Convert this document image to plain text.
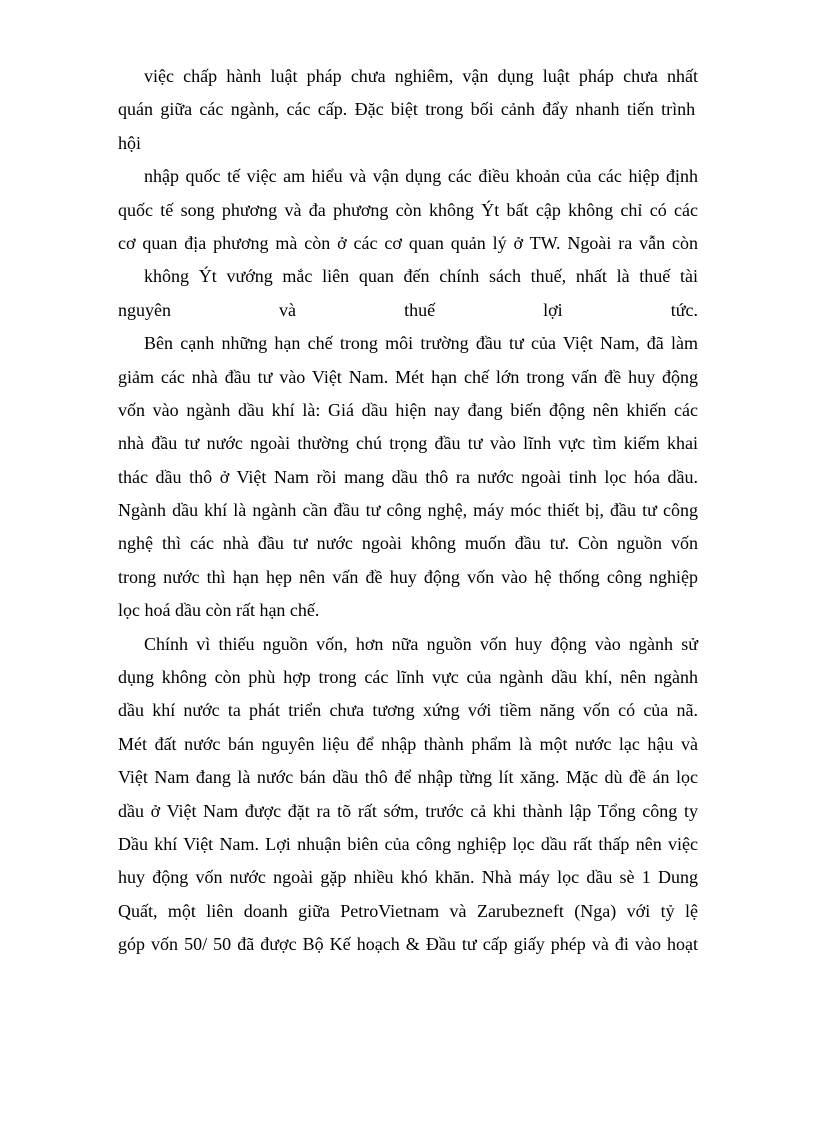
việc chấp hành luật pháp chưa nghiêm, vận dụng luật pháp chưa nhất
quán giữa các ngành, các cấp. Đặc biệt trong bối cảnh đẩy nhanh tiến trình
hội
nhập quốc tế việc am hiểu và vận dụng các điều khoản của các hiệp định
quốc tế song phương và đa phương còn không Ýt bất cập không chỉ có các
cơ quan địa phương mà còn ở các cơ quan quản lý ở TW. Ngoài ra vẫn còn
không Ýt vướng mắc liên quan đến chính sách thuế, nhất là thuế tài
nguyên và thuế lợi tức.
Bên cạnh những hạn chế trong môi trường đầu tư của Việt Nam, đã làm
giảm các nhà đầu tư vào Việt Nam. Mét hạn chế lớn trong vấn đề huy động
vốn vào ngành dầu khí là: Giá dầu hiện nay đang biến động nên khiến các
nhà đầu tư nước ngoài thường chú trọng đầu tư vào lĩnh vực tìm kiếm khai
thác dầu thô ở Việt Nam rồi mang dầu thô ra nước ngoài tinh lọc hóa dầu.
Ngành dầu khí là ngành cần đầu tư công nghệ, máy móc thiết bị, đầu tư công
nghệ thì các nhà đầu tư nước ngoài không muốn đầu tư. Còn nguồn vốn
trong nước thì hạn hẹp nên vấn đề huy động vốn vào hệ thống công nghiệp
lọc hoá dầu còn rất hạn chế.
Chính vì thiếu nguồn vốn, hơn nữa nguồn vốn huy động vào ngành sử
dụng không còn phù hợp trong các lĩnh vực của ngành dầu khí, nên ngành
dầu khí nước ta phát triển chưa tương xứng với tiềm năng vốn có của nã.
Mét đất nước bán nguyên liệu để nhập thành phẩm là một nước lạc hậu và
Việt Nam đang là nước bán dầu thô để nhập từng lít xăng. Mặc dù đề án lọc
dầu ở Việt Nam được đặt ra tõ rất sớm, trước cả khi thành lập Tổng công ty
Dầu khí Việt Nam. Lợi nhuận biên của công nghiệp lọc dầu rất thấp nên việc
huy động vốn nước ngoài gặp nhiều khó khăn. Nhà máy lọc dầu sè 1 Dung
Quất, một liên doanh giữa PetroVietnam và Zarubezneft (Nga) với tỷ lệ
góp vốn 50/ 50 đã được Bộ Kế hoạch & Đầu tư cấp giấy phép và đi vào hoạt
